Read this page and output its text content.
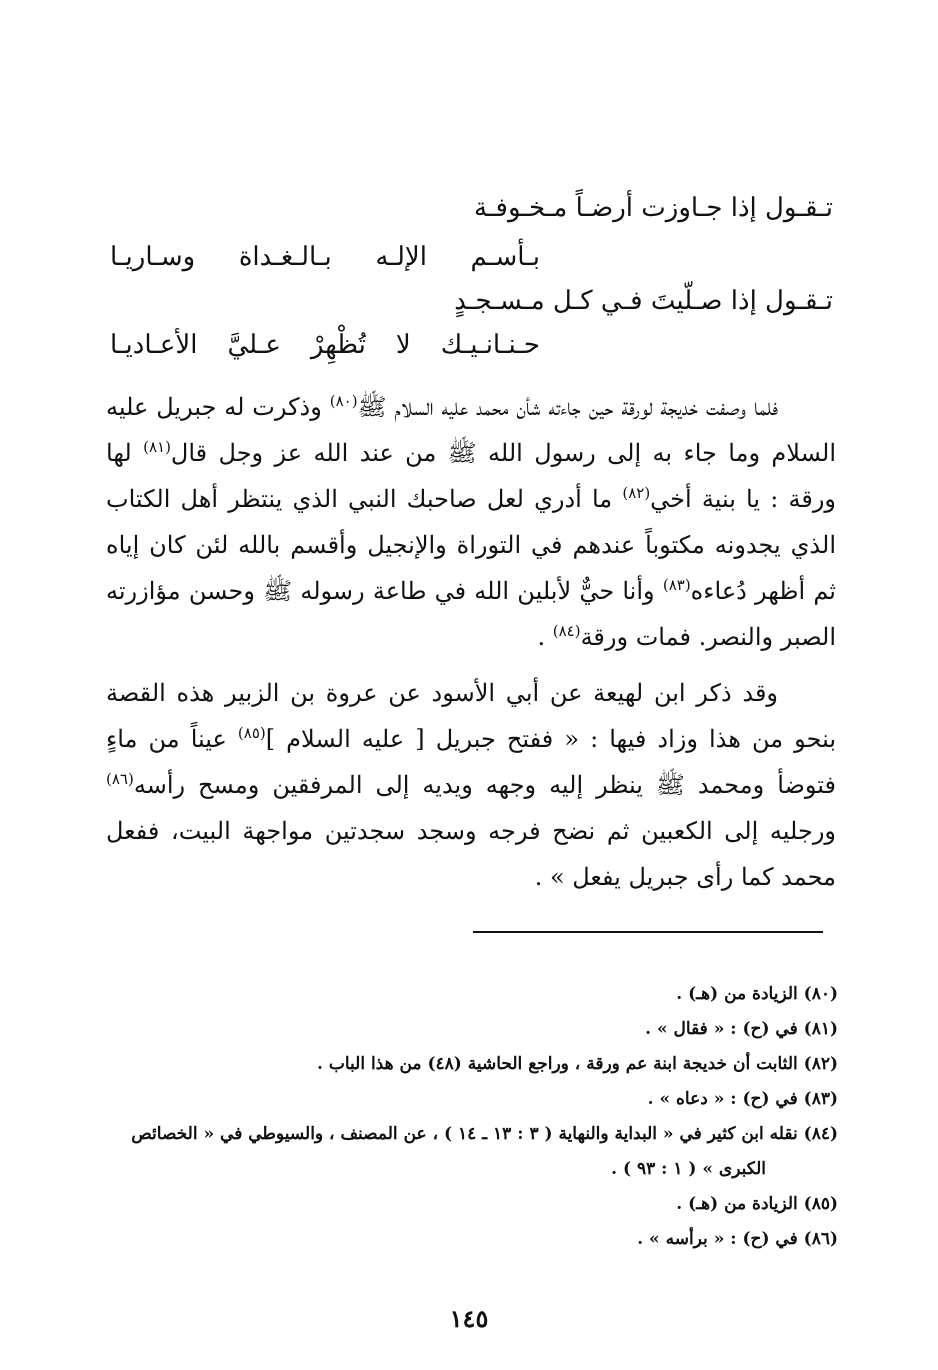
تـقـول إذا جـاوزت أرضـاً مـخـوفـة
بـأسـم الإلـه بـالـغـداة وسـاريـا
تـقـول إذا صـلّيتَ فـي كـل مـسـجـدٍ
حـنـانـيـك لا تُظْهِرْ عـليَّ الأعـاديـا

فلما وصفت خديجة لورقة حين جاءته شأن محمد عليه السلام ﷺ$^{(٨٠)}$ وذكرت له جبريل عليه السلام وما جاء به إلى رسول الله ﷺ من عند الله عز وجل قال$^{(٨١)}$ لها ورقة : يا بنية أخي$^{(٨٢)}$ ما أدري لعل صاحبك النبي الذي ينتظر أهل الكتاب الذي يجدونه مكتوباً عندهم في التوراة والإنجيل وأقسم بالله لئن كان إياه ثم أظهر دُعاءه$^{(٨٣)}$ وأنا حيٌّ لأبلين الله في طاعة رسوله ﷺ وحسن مؤازرته الصبر والنصر. فمات ورقة$^{(٨٤)}$ .

وقد ذكر ابن لهيعة عن أبي الأسود عن عروة بن الزبير هذه القصة بنحو من هذا وزاد فيها : « ففتح جبريل [ عليه السلام ]$^{(٨٥)}$ عيناً من ماءٍ فتوضأ ومحمد ﷺ ينظر إليه وجهه ويديه إلى المرفقين ومسح رأسه$^{(٨٦)}$ ورجليه إلى الكعبين ثم نضح فرجه وسجد سجدتين مواجهة البيت، ففعل محمد كما رأى جبريل يفعل » .

(٨٠) الزيادة من (هـ) .
(٨١) في (ح) : « فقال » .
(٨٢) الثابت أن خديجة ابنة عم ورقة ، وراجع الحاشية (٤٨) من هذا الباب .
(٨٣) في (ح) : « دعاه » .
(٨٤) نقله ابن كثير في « البداية والنهاية ( ٣ : ١٣ ـ ١٤ ) ، عن المصنف ، والسيوطي في « الخصائص
الكبرى » ( ١ : ٩٣ ) .
(٨٥) الزيادة من (هـ) .
(٨٦) في (ح) : « برأسه » .
١٤٥
